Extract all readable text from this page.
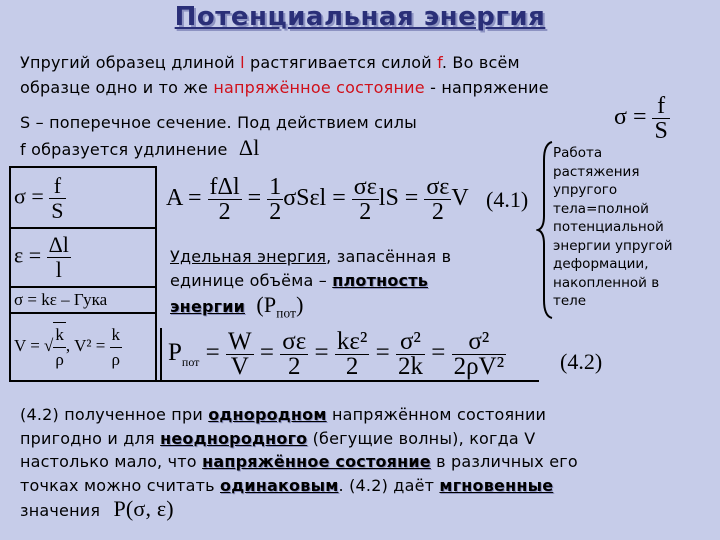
Потенциальная энергия
Упругий образец длиной l растягивается силой f. Во всём
образце одно и то же напряжённое состояние - напряжение
$\sigma = \frac{f}{S}$
S – поперечное сечение. Под действием силы
f образуется удлинение Δl
$\sigma = \frac{f}{S}$
$\varepsilon = \frac{\Delta l}{l}$
σ = kε – Гука
V = √ $\frac{k}{\rho}$ , $V^2 = \frac{k}{\rho}$
$A = \frac{\text{fΔl}}{2} = \frac{1}{2}$ $\sigma S\varepsilon l = \frac{\sigma\varepsilon}{2}$ lS = $\frac{\sigma\varepsilon}{2}$ V (4.1)
Работа
растяжения
упругого
тела=полной
потенциальной
энергии упругой
деформации,
накопленной в
теле
Удельная энергия, запасённая в
единице объёма – плотность
энергии $(P_{пот})$
$P_{пот} = \frac{W}{V} = \frac{\sigma\varepsilon}{2} = \frac{\text{kε²}}{2} = \frac{\text{σ²}}{2k} = \frac{\text{σ²}}{\text{2ρV²}} (4.2)$
(4.2) полученное при однородном напряжённом состоянии
пригодно и для неоднородного (бегущие волны), когда V
настолько мало, что напряжённое состояние в различных его
точках можно считать одинаковым. (4.2) даёт мгновенные
значения P(σ, ε)
